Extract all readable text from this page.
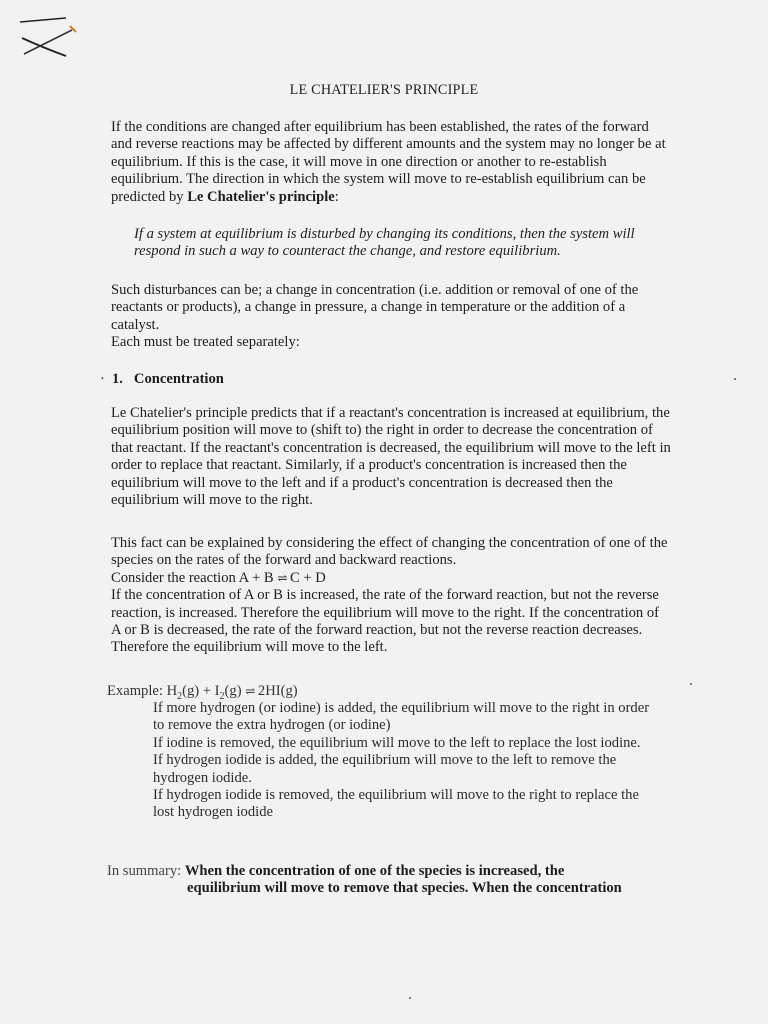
LE CHATELIER'S PRINCIPLE

If the conditions are changed after equilibrium has been established, the rates of the forward and reverse reactions may be affected by different amounts and the system may no longer be at equilibrium. If this is the case, it will move in one direction or another to re-establish equilibrium. The direction in which the system will move to re-establish equilibrium can be predicted by Le Chatelier's principle:

If a system at equilibrium is disturbed by changing its conditions, then the system will respond in such a way to counteract the change, and restore equilibrium.

Such disturbances can be; a change in concentration (i.e. addition or removal of one of the reactants or products), a change in pressure, a change in temperature or the addition of a catalyst.
Each must be treated separately:

· 1. Concentration

Le Chatelier's principle predicts that if a reactant's concentration is increased at equilibrium, the equilibrium position will move to (shift to) the right in order to decrease the concentration of that reactant. If the reactant's concentration is decreased, the equilibrium will move to the left in order to replace that reactant. Similarly, if a product's concentration is increased then the equilibrium will move to the left and if a product's concentration is decreased then the equilibrium will move to the right.

This fact can be explained by considering the effect of changing the concentration of one of the species on the rates of the forward and backward reactions.
Consider the reaction A + B ⇌ C + D
If the concentration of A or B is increased, the rate of the forward reaction, but not the reverse reaction, is increased. Therefore the equilibrium will move to the right. If the concentration of A or B is decreased, the rate of the forward reaction, but not the reverse reaction decreases. Therefore the equilibrium will move to the left.

Example: $H_2(g) + I_2(g)$ ⇌ 2HI(g)

If more hydrogen (or iodine) is added, the equilibrium will move to the right in order to remove the extra hydrogen (or iodine)

If iodine is removed, the equilibrium will move to the left to replace the lost iodine.

If hydrogen iodide is added, the equilibrium will move to the left to remove the hydrogen iodide.

If hydrogen iodide is removed, the equilibrium will move to the right to replace the lost hydrogen iodide

In summary: When the concentration of one of the species is increased, the
equilibrium will move to remove that species. When the concentration
